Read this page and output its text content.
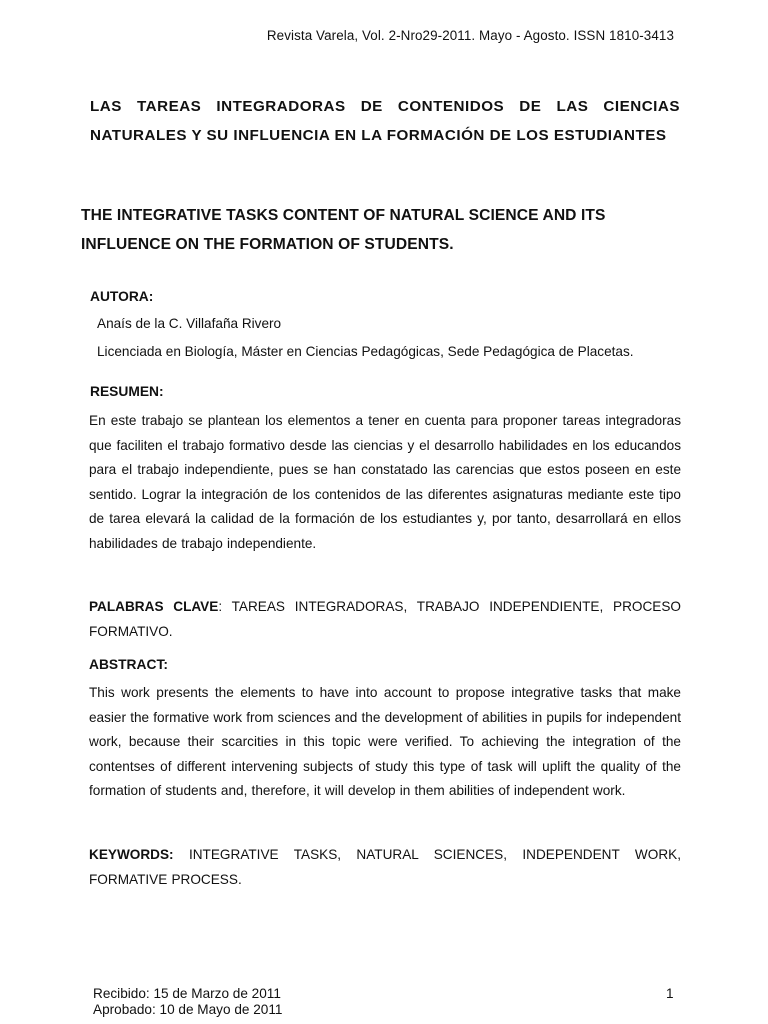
Revista Varela, Vol. 2-Nro29-2011. Mayo - Agosto. ISSN 1810-3413

LAS TAREAS INTEGRADORAS DE CONTENIDOS DE LAS CIENCIAS NATURALES Y SU INFLUENCIA EN LA FORMACIÓN DE LOS ESTUDIANTES

THE INTEGRATIVE TASKS CONTENT OF NATURAL SCIENCE AND ITS
INFLUENCE ON THE FORMATION OF STUDENTS.

AUTORA:

Anaís de la C. Villafaña Rivero

Licenciada en Biología, Máster en Ciencias Pedagógicas, Sede Pedagógica de Placetas.

RESUMEN:

En este trabajo se plantean los elementos a tener en cuenta para proponer tareas integradoras que faciliten el trabajo formativo desde las ciencias y el desarrollo habilidades en los educandos para el trabajo independiente, pues se han constatado las carencias que estos poseen en este sentido. Lograr la integración de los contenidos de las diferentes asignaturas mediante este tipo de tarea elevará la calidad de la formación de los estudiantes y, por tanto, desarrollará en ellos habilidades de trabajo independiente.

PALABRAS CLAVE: TAREAS INTEGRADORAS, TRABAJO INDEPENDIENTE, PROCESO FORMATIVO.

ABSTRACT:

This work presents the elements to have into account to propose integrative tasks that make easier the formative work from sciences and the development of abilities in pupils for independent work, because their scarcities in this topic were verified. To achieving the integration of the contentses of different intervening subjects of study this type of task will uplift the quality of the formation of students and, therefore, it will develop in them abilities of independent work.

KEYWORDS: INTEGRATIVE TASKS, NATURAL SCIENCES, INDEPENDENT WORK, FORMATIVE PROCESS.

Recibido: 15 de Marzo de 2011
Aprobado: 10 de Mayo de 2011
1
